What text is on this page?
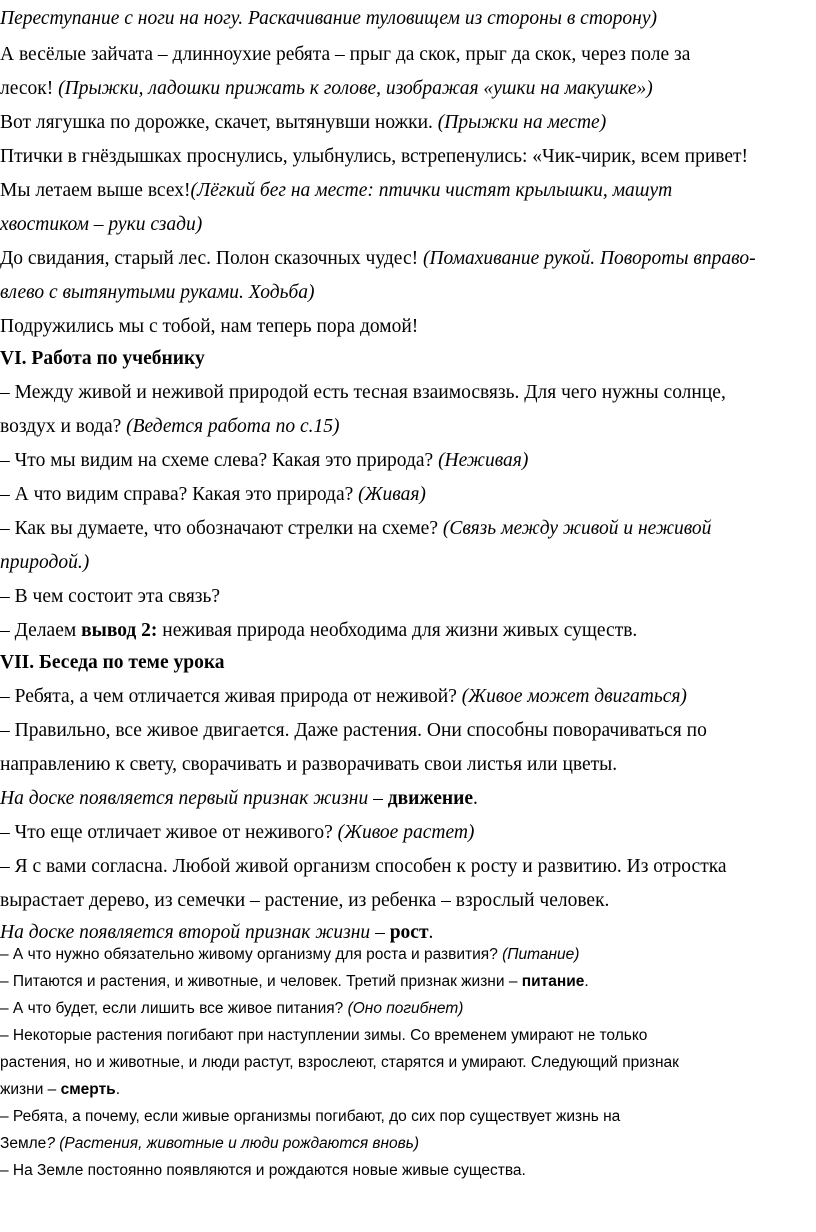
Переступание с ноги на ногу. Раскачивание туловищем из стороны в сторону)
А весёлые зайчата – длинноухие ребята – прыг да скок, прыг да скок, через поле за
лесок! (Прыжки, ладошки прижать к голове, изображая «ушки на макушке»)
Вот лягушка по дорожке, скачет, вытянувши ножки. (Прыжки на месте)
Птички в гнёздышках проснулись, улыбнулись, встрепенулись: «Чик-чирик, всем привет!
Мы летаем выше всех!(Лёгкий бег на месте: птички чистят крылышки, машут
хвостиком – руки сзади)
До свидания, старый лес. Полон сказочных чудес! (Помахивание рукой. Повороты вправо-
влево с вытянутыми руками. Ходьба)
Подружились мы с тобой, нам теперь пора домой!
VI. Работа по учебнику
– Между живой и неживой природой есть тесная взаимосвязь. Для чего нужны солнце,
воздух и вода? (Ведется работа по с.15)
– Что мы видим на схеме слева? Какая это природа? (Неживая)
– А что видим справа? Какая это природа? (Живая)
– Как вы думаете, что обозначают стрелки на схеме? (Связь между живой и неживой
природой.)
– В чем состоит эта связь?
– Делаем вывод 2: неживая природа необходима для жизни живых существ.
VII. Беседа по теме урока
– Ребята, а чем отличается живая природа от неживой? (Живое может двигаться)
– Правильно, все живое двигается. Даже растения. Они способны поворачиваться по
направлению к свету, сворачивать и разворачивать свои листья или цветы.
На доске появляется первый признак жизни – движение.
– Что еще отличает живое от неживого? (Живое растет)
– Я с вами согласна. Любой живой организм способен к росту и развитию. Из отростка
вырастает дерево, из семечки – растение, из ребенка – взрослый человек.
На доске появляется второй признак жизни – рост.
– А что нужно обязательно живому организму для роста и развития? (Питание)
– Питаются и растения, и животные, и человек. Третий признак жизни – питание.
– А что будет, если лишить все живое питания? (Оно погибнет)
– Некоторые растения погибают при наступлении зимы. Со временем умирают не только
растения, но и животные, и люди растут, взрослеют, старятся и умирают. Следующий признак
жизни – смерть.
– Ребята, а почему, если живые организмы погибают, до сих пор существует жизнь на
Земле? (Растения, животные и люди рождаются вновь)
– На Земле постоянно появляются и рождаются новые живые существа.
